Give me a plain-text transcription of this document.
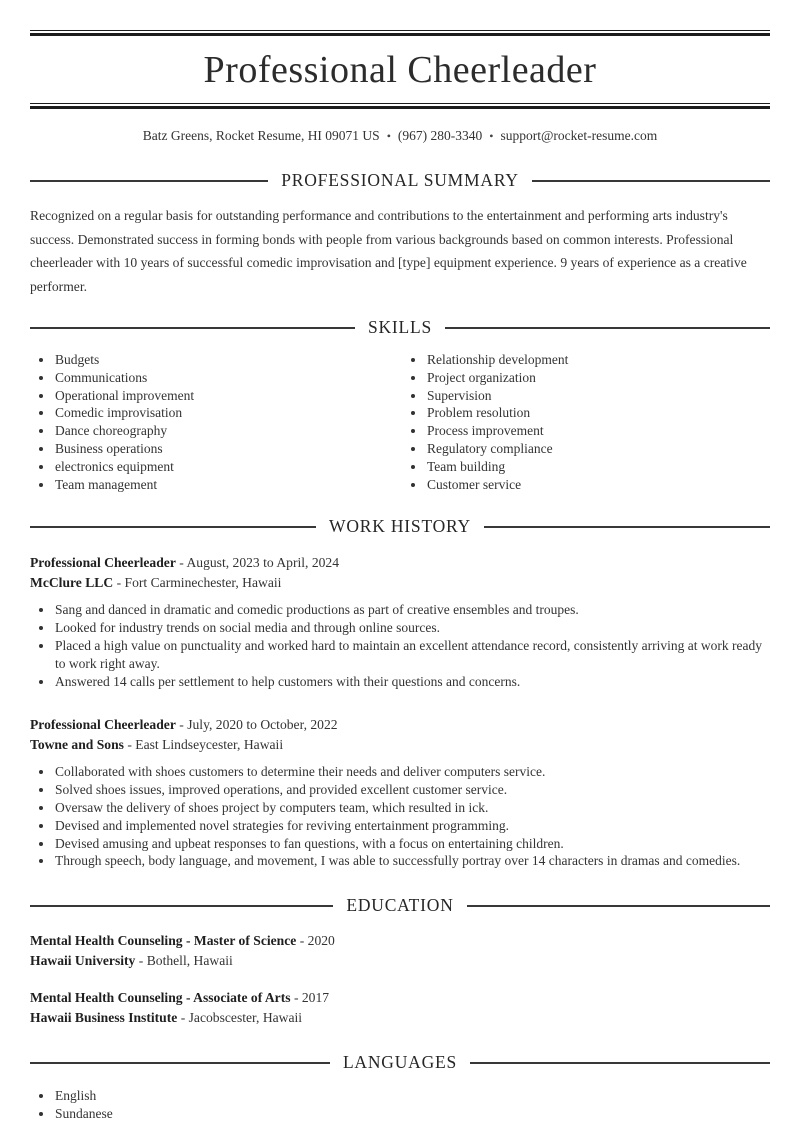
Professional Cheerleader
Batz Greens, Rocket Resume, HI 09071 US • (967) 280-3340 • support@rocket-resume.com
PROFESSIONAL SUMMARY

Recognized on a regular basis for outstanding performance and contributions to the entertainment and performing arts industry's success. Demonstrated success in forming bonds with people from various backgrounds based on common interests. Professional cheerleader with 10 years of successful comedic improvisation and [type] equipment experience. 9 years of experience as a creative performer.

SKILLS
• Budgets
• Communications
• Operational improvement
• Comedic improvisation
• Dance choreography
• Business operations
• electronics equipment
• Team management
• Relationship development
• Project organization
• Supervision
• Problem resolution
• Process improvement
• Regulatory compliance
• Team building
• Customer service
WORK HISTORY

Professional Cheerleader - August, 2023 to April, 2024

McClure LLC - Fort Carminechester, Hawaii

• Sang and danced in dramatic and comedic productions as part of creative ensembles and troupes.
• Looked for industry trends on social media and through online sources.
• Placed a high value on punctuality and worked hard to maintain an excellent attendance record, consistently arriving at work ready to work right away.
• Answered 14 calls per settlement to help customers with their questions and concerns.

Professional Cheerleader - July, 2020 to October, 2022

Towne and Sons - East Lindseycester, Hawaii

• Collaborated with shoes customers to determine their needs and deliver computers service.
• Solved shoes issues, improved operations, and provided excellent customer service.
• Oversaw the delivery of shoes project by computers team, which resulted in ick.
• Devised and implemented novel strategies for reviving entertainment programming.
• Devised amusing and upbeat responses to fan questions, with a focus on entertaining children.
• Through speech, body language, and movement, I was able to successfully portray over 14 characters in dramas and comedies.
EDUCATION

Mental Health Counseling - Master of Science - 2020

Hawaii University - Bothell, Hawaii

Mental Health Counseling - Associate of Arts - 2017

Hawaii Business Institute - Jacobscester, Hawaii

LANGUAGES
• English
• Sundanese
